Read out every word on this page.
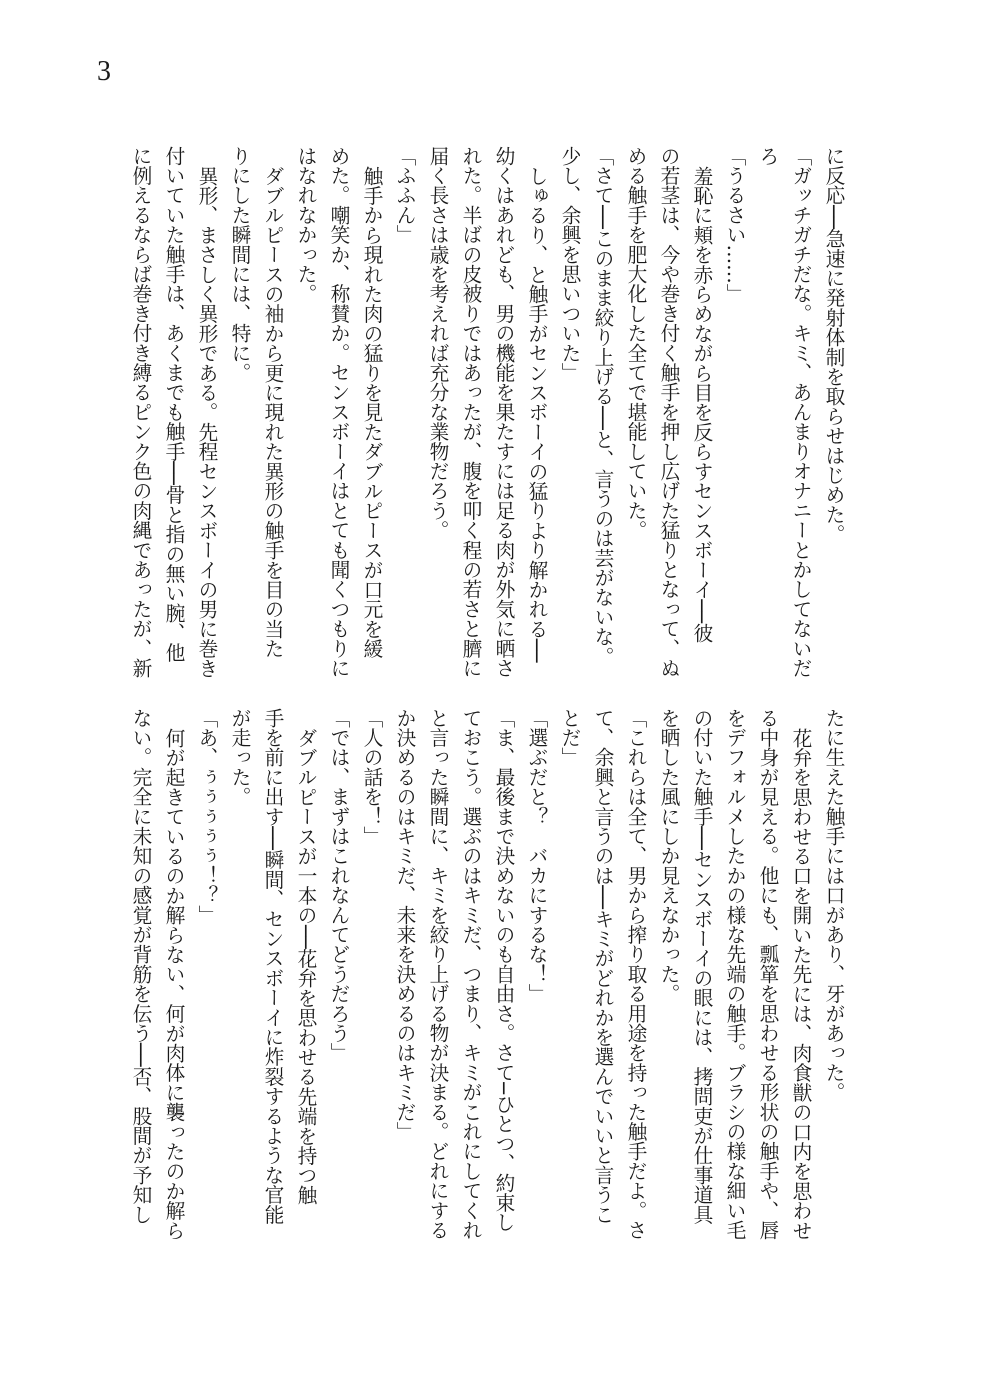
3
に反応──急速に発射体制を取らせはじめた。
「ガッチガチだな。キミ、あんまりオナニーとかしてないだ
ろ
「うるさい……」
羞恥に頬を赤らめながら目を反らすセンスボーイ──彼
の若茎は、今や巻き付く触手を押し広げた猛りとなって、ぬ
める触手を肥大化した全てで堪能していた。
「さて──このまま絞り上げる──と、言うのは芸がないな。
少し、余興を思いついた」
しゅるり、と触手がセンスボーイの猛りより解かれる──
幼くはあれども、男の機能を果たすには足る肉が外気に晒さ
れた。半ばの皮被りではあったが、腹を叩く程の若さと臍に
届く長さは歳を考えれば充分な業物だろう。
「ふふん」
触手から現れた肉の猛りを見たダブルピースが口元を緩
めた。嘲笑か、称賛か。センスボーイはとても聞くつもりに
はなれなかった。
ダブルピースの袖から更に現れた異形の触手を目の当た
りにした瞬間には、特に。
異形、まさしく異形である。先程センスボーイの男に巻き
付いていた触手は、あくまでも触手──骨と指の無い腕、他
に例えるならば巻き付き縛るピンク色の肉縄であったが、新
たに生えた触手には口があり、牙があった。
花弁を思わせる口を開いた先には、肉食獣の口内を思わせ
る中身が見える。他にも、瓢箪を思わせる形状の触手や、唇
をデフォルメしたかの様な先端の触手。ブラシの様な細い毛
の付いた触手──センスボーイの眼には、拷問吏が仕事道具
を晒した風にしか見えなかった。
「これらは全て、男から搾り取る用途を持った触手だよ。さ
て、余興と言うのは──キミがどれかを選んでいいと言うこ
とだ」
「選ぶだと？　バカにするな！」
「ま、最後まで決めないのも自由さ。さて─ひとつ、約束し
ておこう。選ぶのはキミだ、つまり、キミがこれにしてくれ
と言った瞬間に、キミを絞り上げる物が決まる。どれにする
か決めるのはキミだ、未来を決めるのはキミだ」
「人の話を！」
「では、まずはこれなんてどうだろう」
ダブルピースが一本の──花弁を思わせる先端を持つ触
手を前に出す──瞬間、センスボーイに炸裂するような官能
が走った。
「あ、ぅぅぅぅぅ！？」
何が起きているのか解らない、何が肉体に襲ったのか解ら
ない。完全に未知の感覚が背筋を伝う──否、股間が予知し
